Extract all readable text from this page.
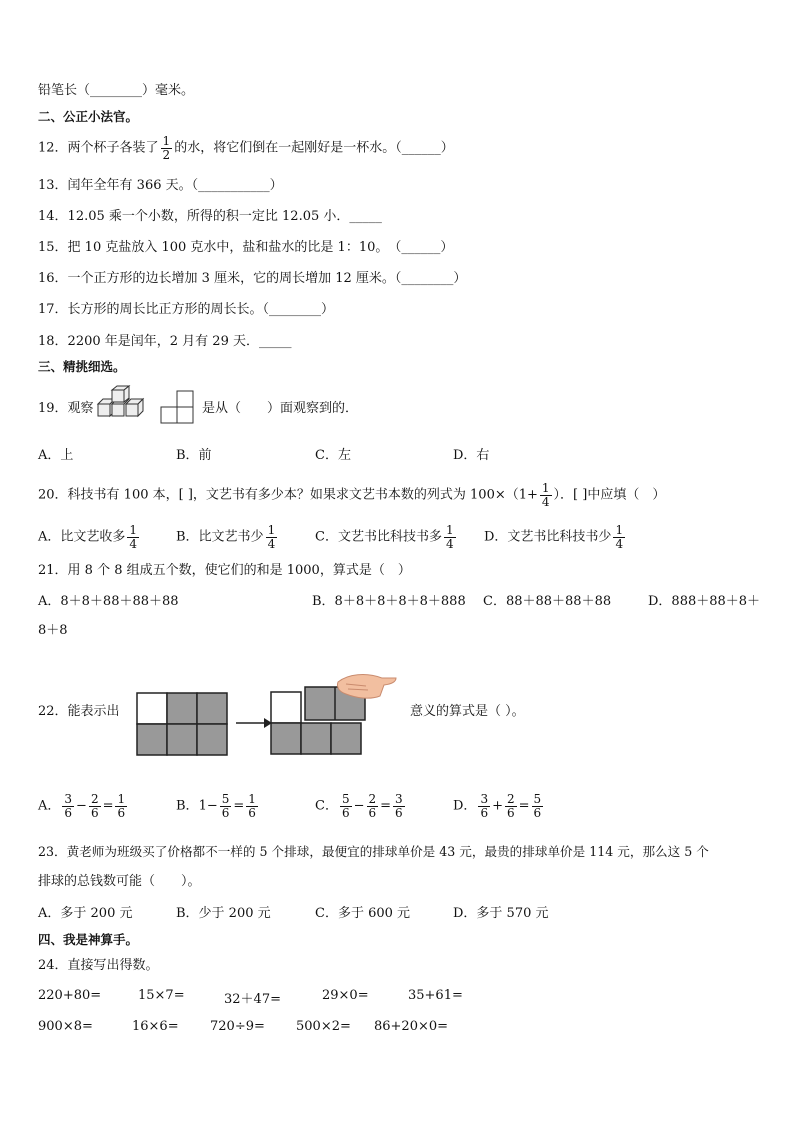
铅笔长（________）毫米。
二、公正小法官。
12．两个杯子各装了 $\frac{1}{2}$ 的水，将它们倒在一起刚好是一杯水。（______）
13．闰年全年有 366 天。（___________）
14．12.05 乘一个小数，所得的积一定比 12.05 小．_____
15．把 10 克盐放入 100 克水中，盐和盐水的比是 1：10。　（______）
16．一个正方形的边长增加 3 厘米，它的周长增加 12 厘米。（________）
17．长方形的周长比正方形的周长长。（________）
18．2200 年是闰年，2 月有 29 天．_____
三、精挑细选。
19．观察	是从（　　）面观察到的．
A．上	B．前	C．左	D．右
20．科技书有 100 本，[ ]，文艺书有多少本？如果求文艺书本数的列式为 $100\times(1+ \frac{1}{4}$ ）．[ ]中应填（　）
A．比文艺收多 $\frac{1}{4}$	B．比文艺书少 $\frac{1}{4}$	C．文艺书比科技书多 $\frac{1}{4}$ D．文艺书比科技书少 $\frac{1}{4}$
21．用 8 个 8 组成五个数，使它们的和是 1000，算式是（　）
A．8＋8＋88＋88＋88	B．8＋8＋8＋8＋8＋888 C．88＋88＋88＋88	D．888＋88＋8＋
8＋8
22．能表示出	意义的算式是（ ）。
A． $\frac{3}{6} - \frac{2}{6} = \frac{1}{6}$	B．$1- \frac{5}{6} = \frac{1}{6}$	C． $\frac{5}{6} - \frac{2}{6} = \frac{3}{6}$	D． $\frac{3}{6} + \frac{2}{6} = \frac{5}{6}$
23．黄老师为班级买了价格都不一样的 5 个排球，最便宜的排球单价是 43 元，最贵的排球单价是 114 元，那么这 5 个
排球的总钱数可能（　　）。
A．多于 200 元	B．少于 200 元	C．多于 600 元	D．多于 570 元
四、我是神算手。
24．直接写出得数。
220+80=	15×7=	32＋47=	29×0=	35+61=
900×8=	16×6= 720÷9= 500×2= 86+20×0=
